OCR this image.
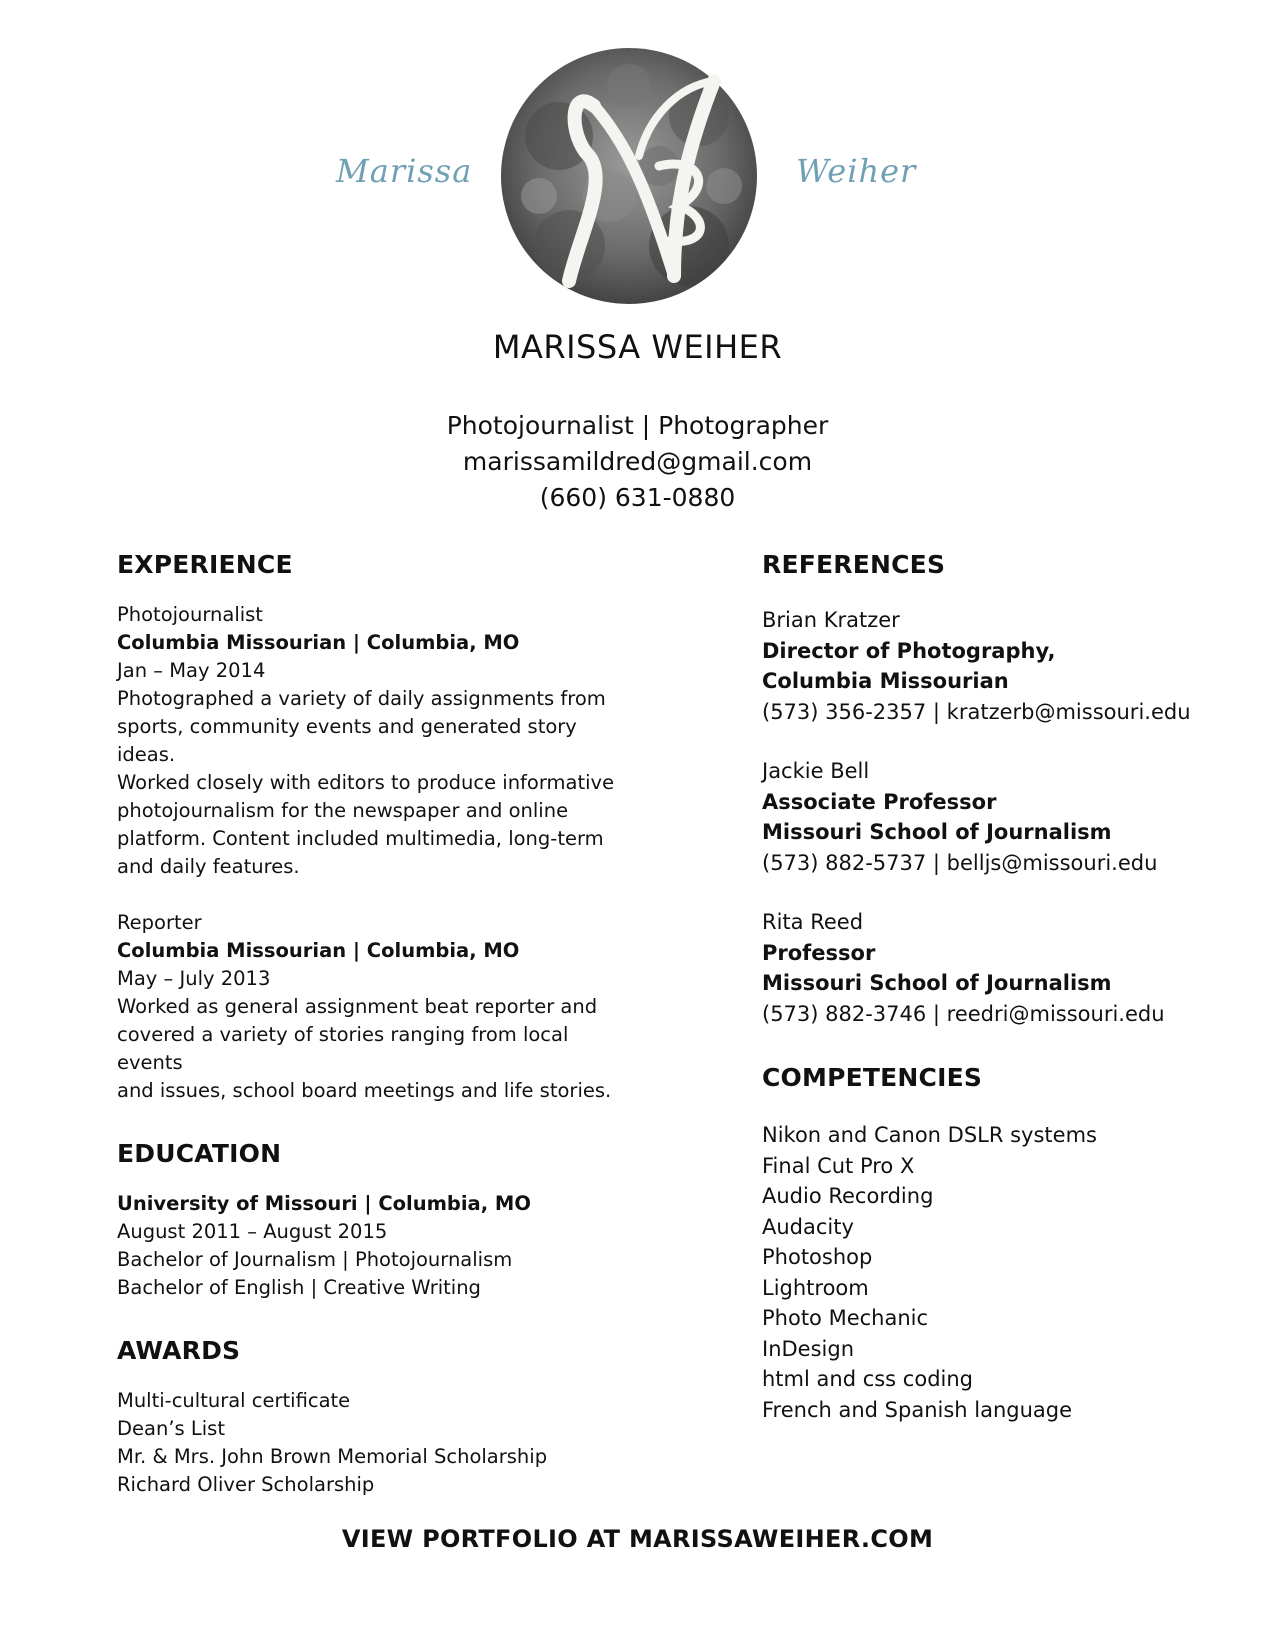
Marissa	Weiher
MARISSA WEIHER
Photojournalist | Photographer
marissamildred@gmail.com
(660) 631-0880
EXPERIENCE
Photojournalist
Columbia Missourian | Columbia, MO
Jan – May 2014
Photographed a variety of daily assignments from
sports, community events and generated story ideas.
Worked closely with editors to produce informative
photojournalism for the newspaper and online
platform. Content included multimedia, long-term
and daily features.
Reporter
Columbia Missourian | Columbia, MO
May – July 2013
Worked as general assignment beat reporter and
covered a variety of stories ranging from local events
and issues, school board meetings and life stories.
EDUCATION
University of Missouri | Columbia, MO
August 2011 – August 2015
Bachelor of Journalism | Photojournalism
Bachelor of English | Creative Writing
AWARDS
Multi-cultural certificate
Dean’s List
Mr. & Mrs. John Brown Memorial Scholarship
Richard Oliver Scholarship
REFERENCES
Brian Kratzer
Director of Photography,
Columbia Missourian
(573) 356-2357 | kratzerb@missouri.edu
Jackie Bell
Associate Professor
Missouri School of Journalism
(573) 882-5737 | belljs@missouri.edu
Rita Reed
Professor
Missouri School of Journalism
(573) 882-3746 | reedri@missouri.edu
COMPETENCIES
Nikon and Canon DSLR systems
Final Cut Pro X
Audio Recording
Audacity
Photoshop
Lightroom
Photo Mechanic
InDesign
html and css coding
French and Spanish language
VIEW PORTFOLIO AT MARISSAWEIHER.COM
